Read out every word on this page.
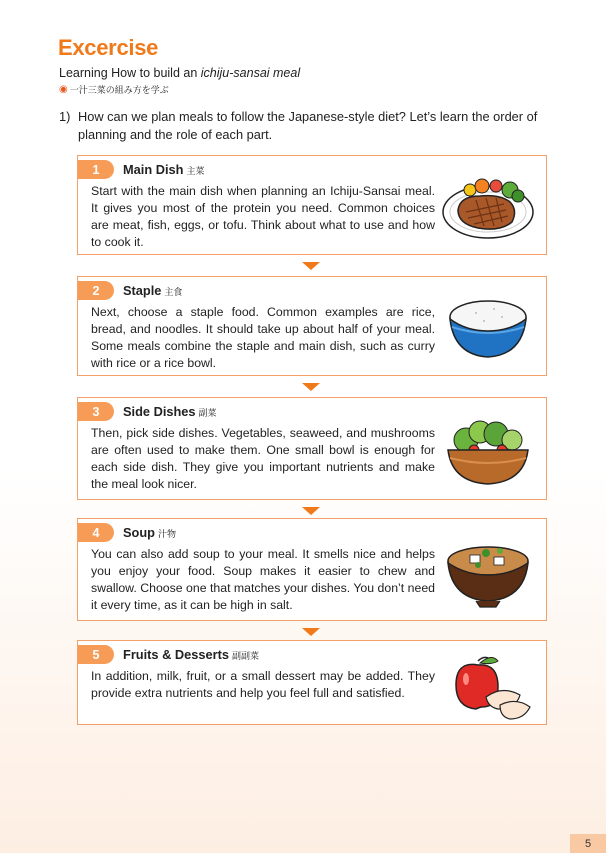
Excercise
Learning How to build an ichiju-sansai meal
◉ 一汁三菜の組み方を学ぶ
1) How can we plan meals to follow the Japanese-style diet? Let’s learn the order of planning and the role of each part.
1	Main Dish 主菜
Start with the main dish when planning an Ichiju-Sansai meal. It gives you most of the protein you need. Common choices are meat, fish, eggs, or tofu. Think about what to use and how to cook it.
2	Staple 主食
Next, choose a staple food. Common examples are rice, bread, and noodles. It should take up about half of your meal. Some meals combine the staple and main dish, such as curry with rice or a rice bowl.
3	Side Dishes 副菜
Then, pick side dishes. Vegetables, seaweed, and mushrooms are often used to make them. One small bowl is enough for each side dish. They give you important nutrients and make the meal look nicer.
4	Soup 汁物
You can also add soup to your meal. It smells nice and helps you enjoy your food. Soup makes it easier to chew and swallow. Choose one that matches your dishes. You don’t need it every time, as it can be high in salt.
5	Fruits & Desserts 副副菜
In addition, milk, fruit, or a small dessert may be added. They provide extra nutrients and help you feel full and satisfied.
5
